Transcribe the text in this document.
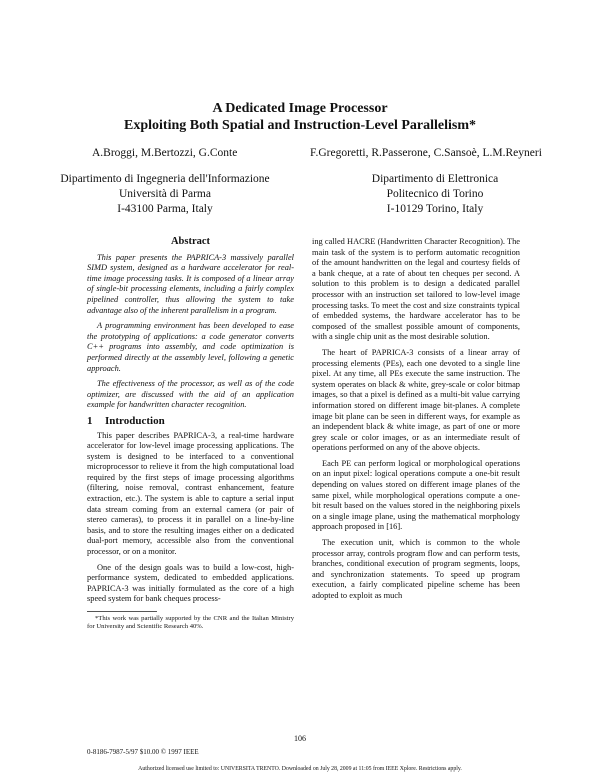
A Dedicated Image Processor
Exploiting Both Spatial and Instruction-Level Parallelism*
A.Broggi, M.Bertozzi, G.Conte	F.Gregoretti, R.Passerone, C.Sansoè, L.M.Reyneri
Dipartimento di Ingegneria dell'Informazione
Università di Parma
I-43100 Parma, Italy
Dipartimento di Elettronica
Politecnico di Torino
I-10129 Torino, Italy
Abstract

This paper presents the PAPRICA-3 massively parallel SIMD system, designed as a hardware accelerator for real-time image processing tasks. It is composed of a linear array of single-bit processing elements, including a fairly complex pipelined controller, thus allowing the system to take advantage also of the inherent parallelism in a program.

A programming environment has been developed to ease the prototyping of applications: a code generator converts C++ programs into assembly, and code optimization is performed directly at the assembly level, following a genetic approach.

The effectiveness of the processor, as well as of the code optimizer, are discussed with the aid of an application example for handwritten character recognition.

1 Introduction

This paper describes PAPRICA-3, a real-time hardware accelerator for low-level image processing applications. The system is designed to be interfaced to a conventional microprocessor to relieve it from the high computational load required by the first steps of image processing algorithms (filtering, noise removal, contrast enhancement, feature extraction, etc.). The system is able to capture a serial input data stream coming from an external camera (or pair of stereo cameras), to process it in parallel on a line-by-line basis, and to store the resulting images either on a dedicated dual-port memory, accessible also from the conventional processor, or on a monitor.

One of the design goals was to build a low-cost, high-performance system, dedicated to embedded applications. PAPRICA-3 was initially formulated as the core of a high speed system for bank cheques process-

*This work was partially supported by the CNR and the Italian Ministry for University and Scientific Research 40%.

ing called HACRE (Handwritten Character Recognition). The main task of the system is to perform automatic recognition of the amount handwritten on the legal and courtesy fields of a bank cheque, at a rate of about ten cheques per second. A solution to this problem is to design a dedicated parallel processor with an instruction set tailored to low-level image processing tasks. To meet the cost and size constraints typical of embedded systems, the hardware accelerator has to be composed of the smallest possible amount of components, with a single chip unit as the most desirable solution.

The heart of PAPRICA-3 consists of a linear array of processing elements (PEs), each one devoted to a single line pixel. At any time, all PEs execute the same instruction. The system operates on black & white, grey-scale or color bitmap images, so that a pixel is defined as a multi-bit value carrying information stored on different image bit-planes. A complete image bit plane can be seen in different ways, for example as an independent black & white image, as part of one or more grey scale or color images, or as an intermediate result of operations performed on any of the above objects.

Each PE can perform logical or morphological operations on an input pixel: logical operations compute a one-bit result depending on values stored on different image planes of the same pixel, while morphological operations compute a one-bit result based on the values stored in the neighboring pixels on a single image plane, using the mathematical morphology approach proposed in [16].

The execution unit, which is common to the whole processor array, controls program flow and can perform tests, branches, conditional execution of program segments, loops, and synchronization statements. To speed up program execution, a fairly complicated pipeline scheme has been adopted to exploit as much

106
0-8186-7987-5/97 $10.00 © 1997 IEEE
Authorized licensed use limited to: UNIVERSITA TRENTO. Downloaded on July 28, 2009 at 11:05 from IEEE Xplore. Restrictions apply.
